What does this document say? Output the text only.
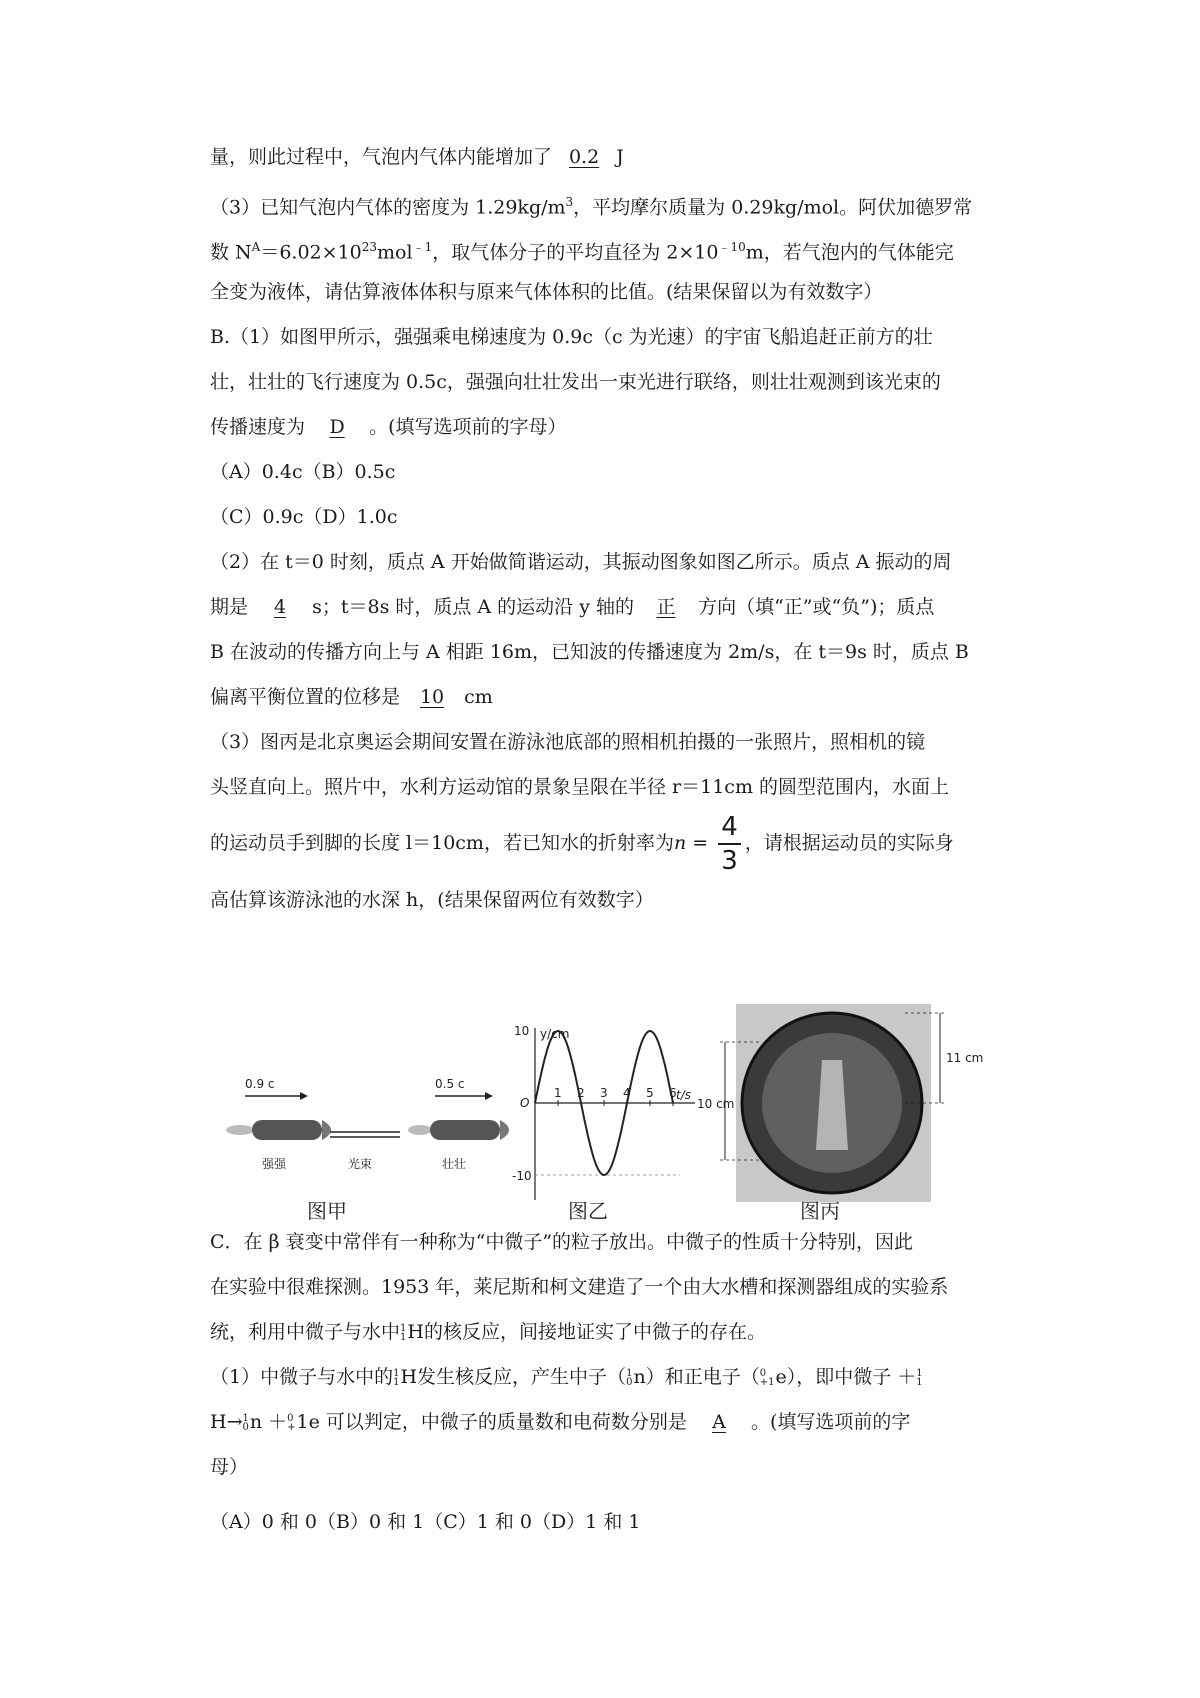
量，则此过程中，气泡内气体内能增加了 0.2 J
（3）已知气泡内气体的密度为 $1.29kg/m^3$，平均摩尔质量为 0.29kg/mol。阿伏加德罗常
数 $N^A=6.02\times 10^{23}mol^{﹣1}$，取气体分子的平均直径为 $2\times 10^{﹣10}m$，若气泡内的气体能完
全变为液体，请估算液体体积与原来气体体积的比值。(结果保留以为有效数字）
B.（1）如图甲所示，强强乘电梯速度为 0.9c（c 为光速）的宇宙飞船追赶正前方的壮
壮，壮壮的飞行速度为 0.5c，强强向壮壮发出一束光进行联络，则壮壮观测到该光束的
传播速度为 D 。(填写选项前的字母）
（A）0.4c（B）0.5c
（C）0.9c（D）1.0c
（2）在 t＝0 时刻，质点 A 开始做简谐运动，其振动图象如图乙所示。质点 A 振动的周
期是 4 s；t＝8s 时，质点 A 的运动沿 y 轴的 正 方向（填“正”或“负”)；质点
B 在波动的传播方向上与 A 相距 16m，已知波的传播速度为 2m/s，在 t＝9s 时，质点 B
偏离平衡位置的位移是 10 cm
（3）图丙是北京奥运会期间安置在游泳池底部的照相机拍摄的一张照片，照相机的镜
头竖直向上。照片中，水利方运动馆的景象呈限在半径 r＝11cm 的圆型范围内，水面上
的运动员手到脚的长度 l＝10cm，若已知水的折射率为$n = \frac{4}{3}$ ，请根据运动员的实际身
高估算该游泳池的水深 h，(结果保留两位有效数字）
0.9 c
强强	光束
0.5 c
壮壮
y/cm
t/s
O
10
-10
1 2 3 4 5 6
10 cm
11 cm
图甲	图乙	图丙
C．在 β 衰变中常伴有一种称为“中微子”的粒子放出。中微子的性质十分特别，因此
在实验中很难探测。1953 年，莱尼斯和柯文建造了一个由大水槽和探测器组成的实验系
统，利用中微子与水中 1
1 H的核反应，间接地证实了中微子的存在。
（1）中微子与水中的 1
1 H发生核反应，产生中子（ 1
0 n）和正电子（ 0
+1 e），即中微子 ＋ 1
1
H→ 1
0 n ＋ 0
+ 1e 可以判定，中微子的质量数和电荷数分别是 A 。(填写选项前的字
母）
（A）0 和 0（B）0 和 1（C）1 和 0（D）1 和 1
